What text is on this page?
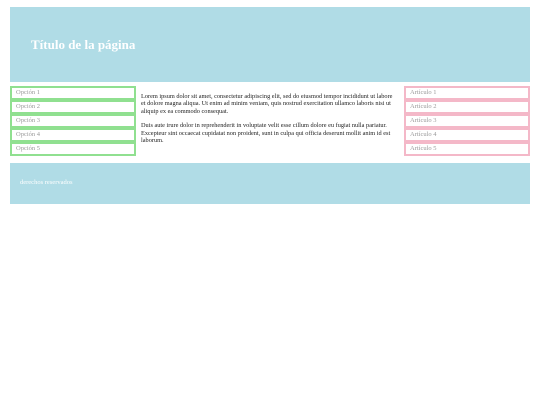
Título de la página
Opción 1
Opción 2
Opción 3
Opción 4
Opción 5

Lorem ipsum dolor sit amet, consectetur adipiscing elit, sed do eiusmod tempor incididunt ut labore et dolore magna aliqua. Ut enim ad minim veniam, quis nostrud exercitation ullamco laboris nisi ut aliquip ex ea commodo consequat.

Duis aute irure dolor in reprehenderit in voluptate velit esse cillum dolore eu fugiat nulla pariatur. Excepteur sint occaecat cupidatat non proident, sunt in culpa qui officia deserunt mollit anim id est laborum.

Artículo 1
Artículo 2
Artículo 3
Artículo 4
Artículo 5
derechos reservados
